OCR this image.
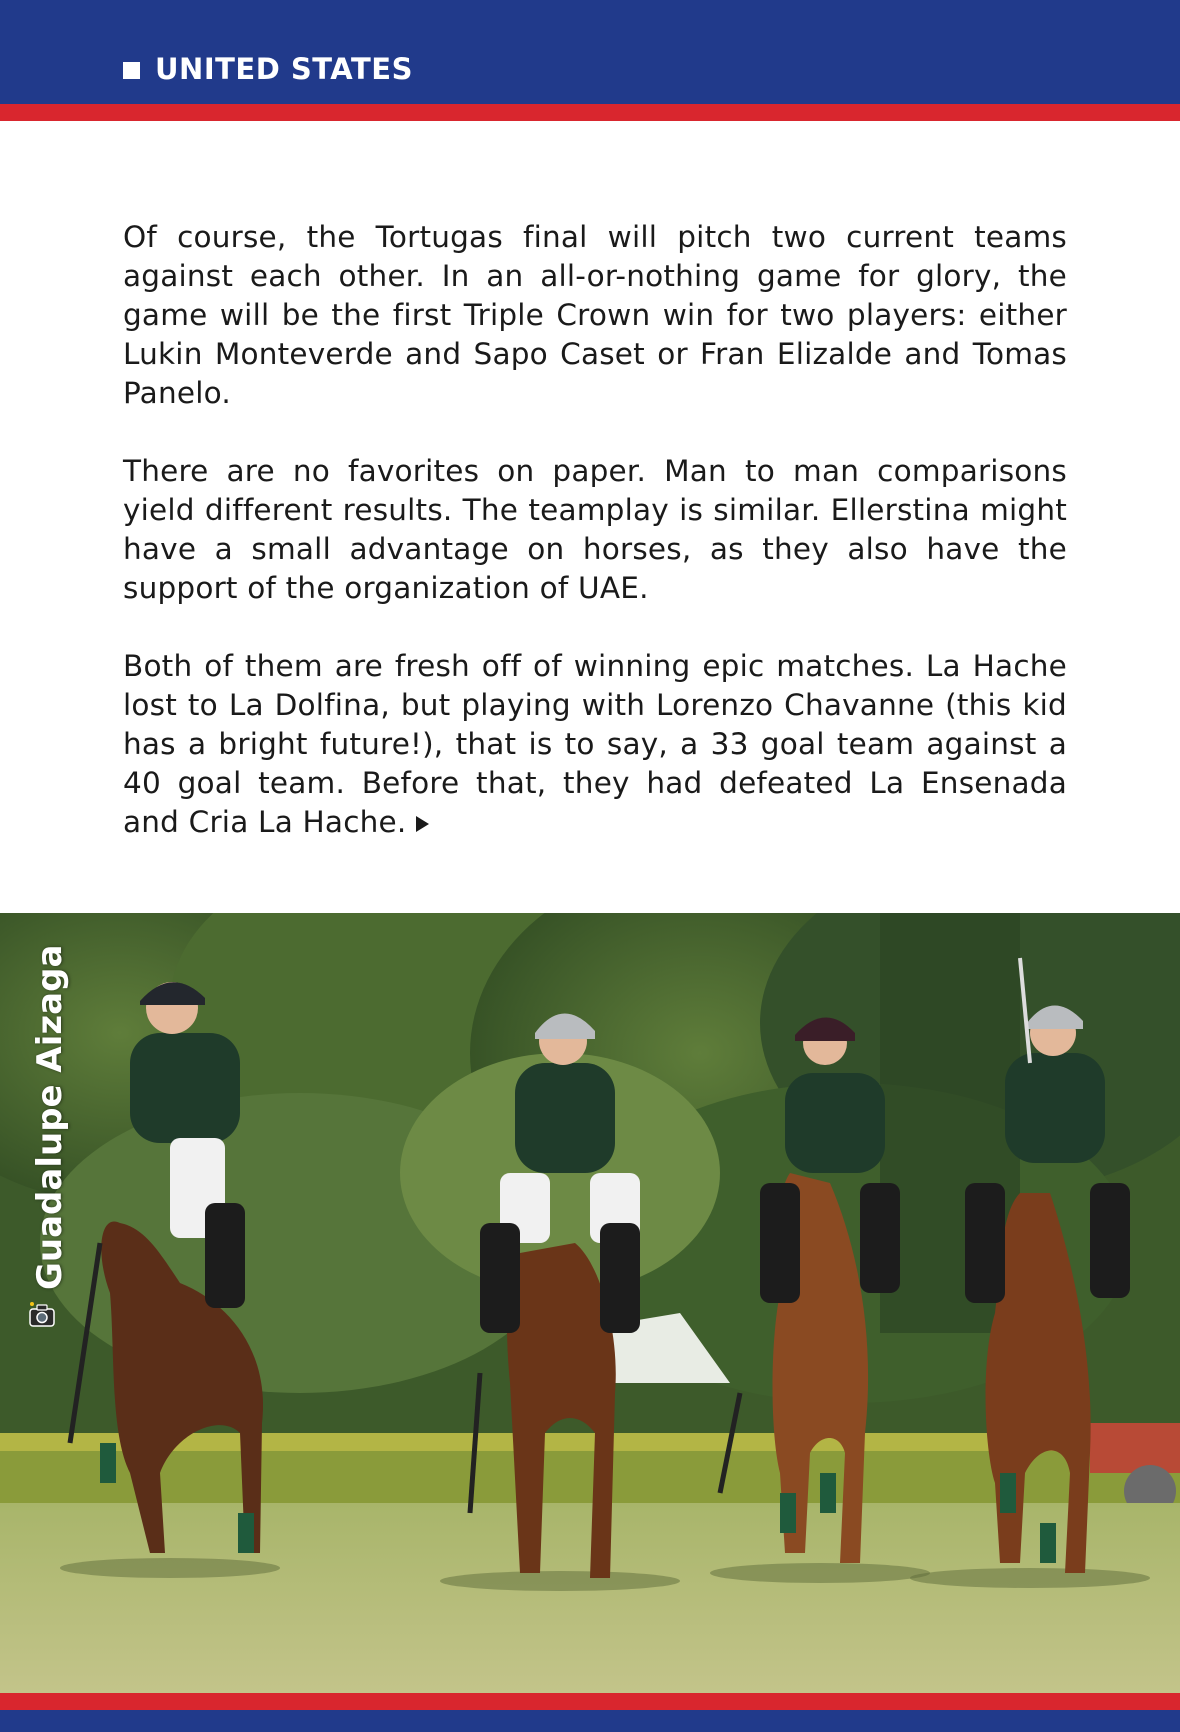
UNITED STATES

Of course, the Tortugas final will pitch two current teams against each other. In an all-or-nothing game for glory, the game will be the first Triple Crown win for two players: either Lukin Monteverde and Sapo Caset or Fran Elizalde and Tomas Panelo.

There are no favorites on paper. Man to man comparisons yield different results. The teamplay is similar. Ellerstina might have a small advantage on horses, as they also have the support of the organization of UAE.

Both of them are fresh off of winning epic matches. La Hache lost to La Dolfina, but playing with Lorenzo Chavanne (this kid has a bright future!), that is to say, a 33 goal team against a 40 goal team. Before that, they had defeated La Ensenada and Cria La Hache.

Guadalupe Aizaga
